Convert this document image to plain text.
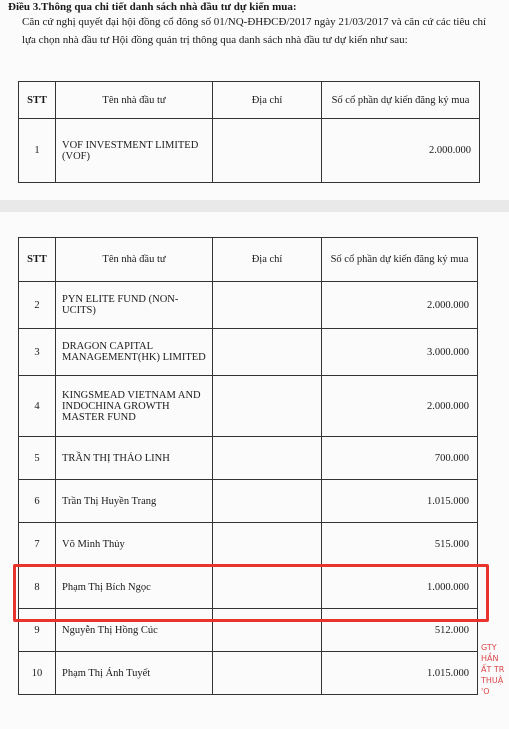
Điều 3.Thông qua chi tiết danh sách nhà đầu tư dự kiến mua:
Căn cứ nghị quyết đại hội đồng cổ đông số 01/NQ-ĐHĐCĐ/2017 ngày 21/03/2017 và căn cứ các tiêu chí lựa chọn nhà đầu tư Hội đồng quản trị thông qua danh sách nhà đầu tư dự kiến như sau:
STT	Tên nhà đầu tư	Địa chỉ	Số cổ phần dự kiến đăng ký mua
1	VOF INVESTMENT LIMITED (VOF)		2.000.000
STT	Tên nhà đầu tư	Địa chỉ	Số cổ phần dự kiến đăng ký mua
2	PYN ELITE FUND (NON-UCITS)		2.000.000
3	DRAGON CAPITAL MANAGEMENT(HK) LIMITED		3.000.000
4	KINGSMEAD VIETNAM AND INDOCHINA GROWTH MASTER FUND		2.000.000
5	TRẦN THỊ THẢO LINH		700.000
6	Trần Thị Huyền Trang		1.015.000
7	Võ Minh Thủy		515.000
8	Phạm Thị Bích Ngọc		1.000.000
9	Nguyễn Thị Hồng Cúc		512.000
10	Phạm Thị Ánh Tuyết		1.015.000
GTY
HẦN
ẤT TR
THUẬ
'O
